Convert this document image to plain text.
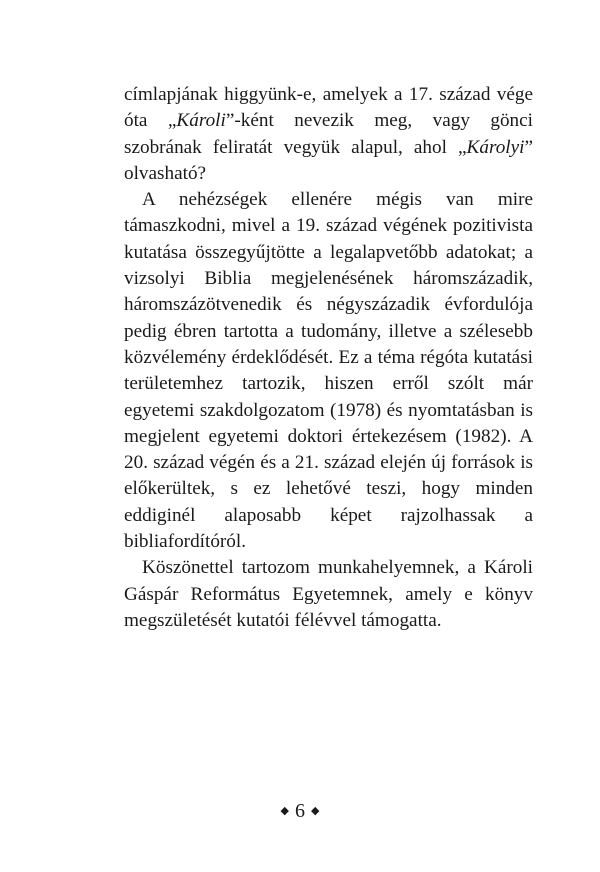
címlapjának higgyünk-e, amelyek a 17. század vége óta „Károli”-ként nevezik meg, vagy gönci szobrának feliratát vegyük alapul, ahol „Károlyi” olvasható?

A nehézségek ellenére mégis van mire támaszkodni, mivel a 19. század végének pozitivista kutatása összegyűjtötte a legalapvetőbb adatokat; a vizsolyi Biblia megjelenésének háromszázadik, háromszázötvenedik és négyszázadik évfordulója pedig ébren tartotta a tudomány, illetve a szélesebb közvélemény érdeklődését. Ez a téma régóta kutatási területemhez tartozik, hiszen erről szólt már egyetemi szakdolgozatom (1978) és nyomtatásban is megjelent egyetemi doktori értekezésem (1982). A 20. század végén és a 21. század elején új források is előkerültek, s ez lehetővé teszi, hogy minden eddiginél alaposabb képet rajzolhassak a bibliafordítóról.

Köszönettel tartozom munkahelyemnek, a Károli Gáspár Református Egyetemnek, amely e könyv megszületését kutatói félévvel támogatta.

◆ 6 ◆
